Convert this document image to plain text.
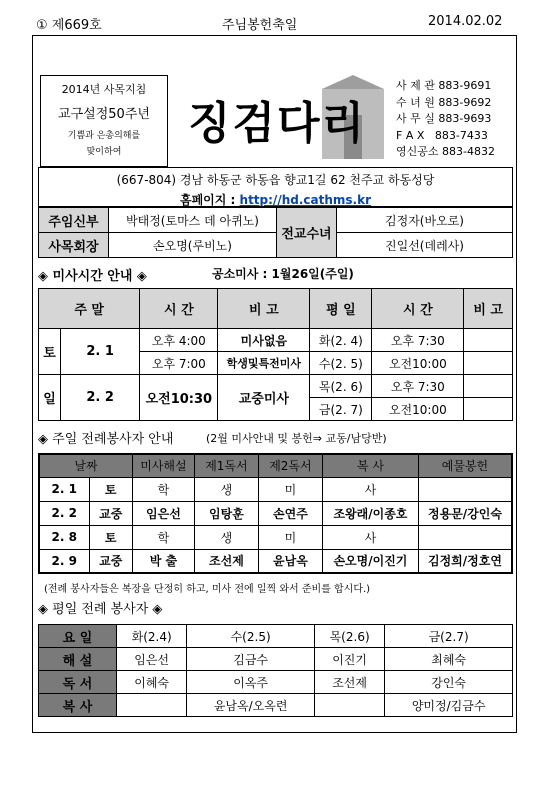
① 제669호	주님봉헌축일	2014.02.02
2014년 사목지침
교구설정50주년
기쁨과 은총의해를
맞이하여
징검다리
사 제 관 883-9691
수 녀 원 883-9692
사 무 실 883-9693
F A X   883-7433
영신공소 883-4832
(667-804) 경남 하동군 하동읍 향교1길 62 천주교 하동성당
홈페이지 : http://hd.cathms.kr
주임신부	박태정(토마스 데 아퀴노)	전교수녀	김정자(바오로)
사목회장	손오명(루비노)		진일선(데레사)
◈ 미사시간 안내 ◈	공소미사 : 1월26일(주일)
주 말		시 간	비 고	평 일	시 간	비 고
토	2. 1	오후 4:00	미사없음	화(2. 4)	오후 7:30	
		오후 7:00	학생및특전미사	수(2. 5)	오전10:00	
일	2. 2	오전10:30	교중미사	목(2. 6)	오후 7:30	
				금(2. 7)	오전10:00	
◈ 주일 전례봉사자 안내	(2월 미사안내 및 봉헌⇒ 교동/남당반)
날짜		미사해설	제1독서	제2독서	복 사	예물봉헌
2. 1	토	학	생	미	사	
2. 2	교중	임은선	임탕훈	손연주	조왕래/이종호	정용문/강인숙
2. 8	토	학	생	미	사	
2. 9	교중	박 출	조선제	윤남옥	손오명/이진기	김정희/정호연
(전례 봉사자들은 복장을 단정히 하고, 미사 전에 일찍 와서 준비를 합시다.)
◈ 평일 전례 봉사자 ◈
요 일	화(2.4)	수(2.5)	목(2.6)	금(2.7)
해 설	임은선	김금수	이진기	최혜숙
독 서	이혜숙	이옥주	조선제	강인숙
복 사		윤남옥/오옥련		양미정/김금수
